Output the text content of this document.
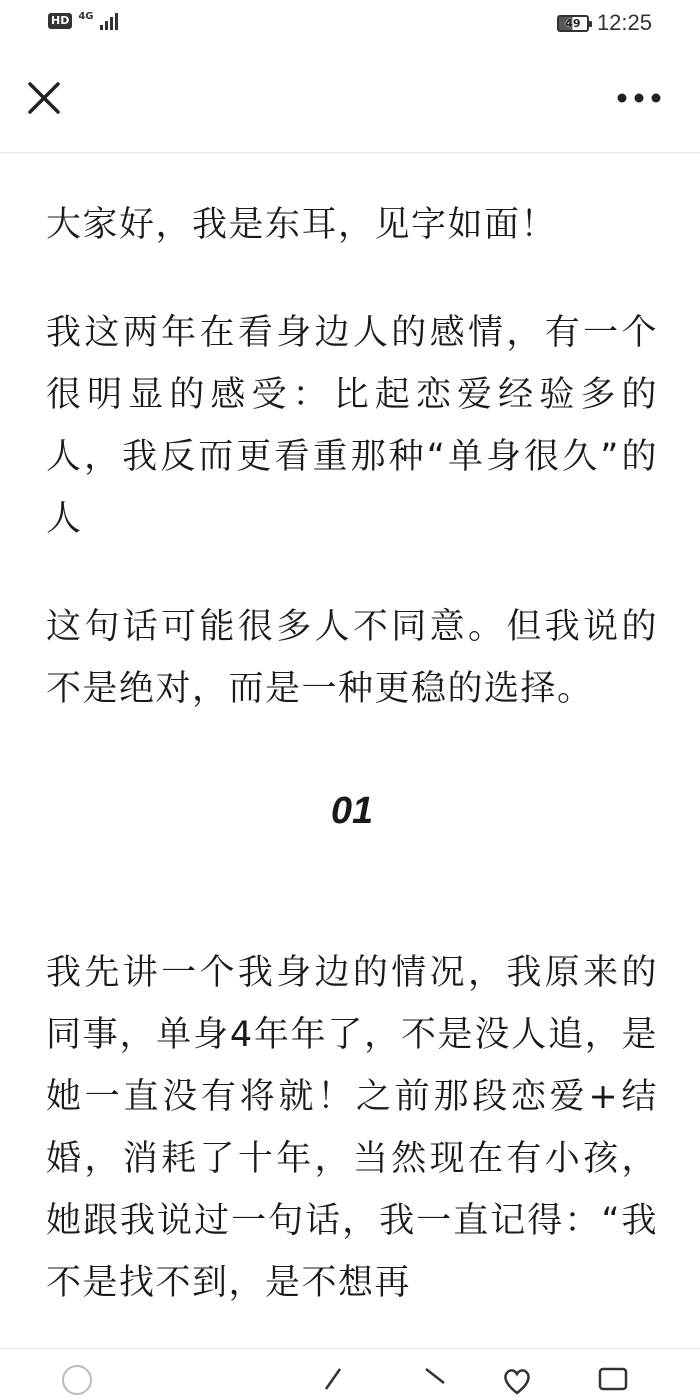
HD 4G	49 12:25

大家好，我是东耳，见字如面！

我这两年在看身边人的感情，有一个很明显的感受：比起恋爱经验多的人，我反而更看重那种“单身很久”的人

这句话可能很多人不同意。但我说的不是绝对，而是一种更稳的选择。

01

我先讲一个我身边的情况，我原来的同事，单身4年年了，不是没人追，是她一直没有将就！之前那段恋爱+结婚，消耗了十年，当然现在有小孩，她跟我说过一句话，我一直记得：“我不是找不到，是不想再
